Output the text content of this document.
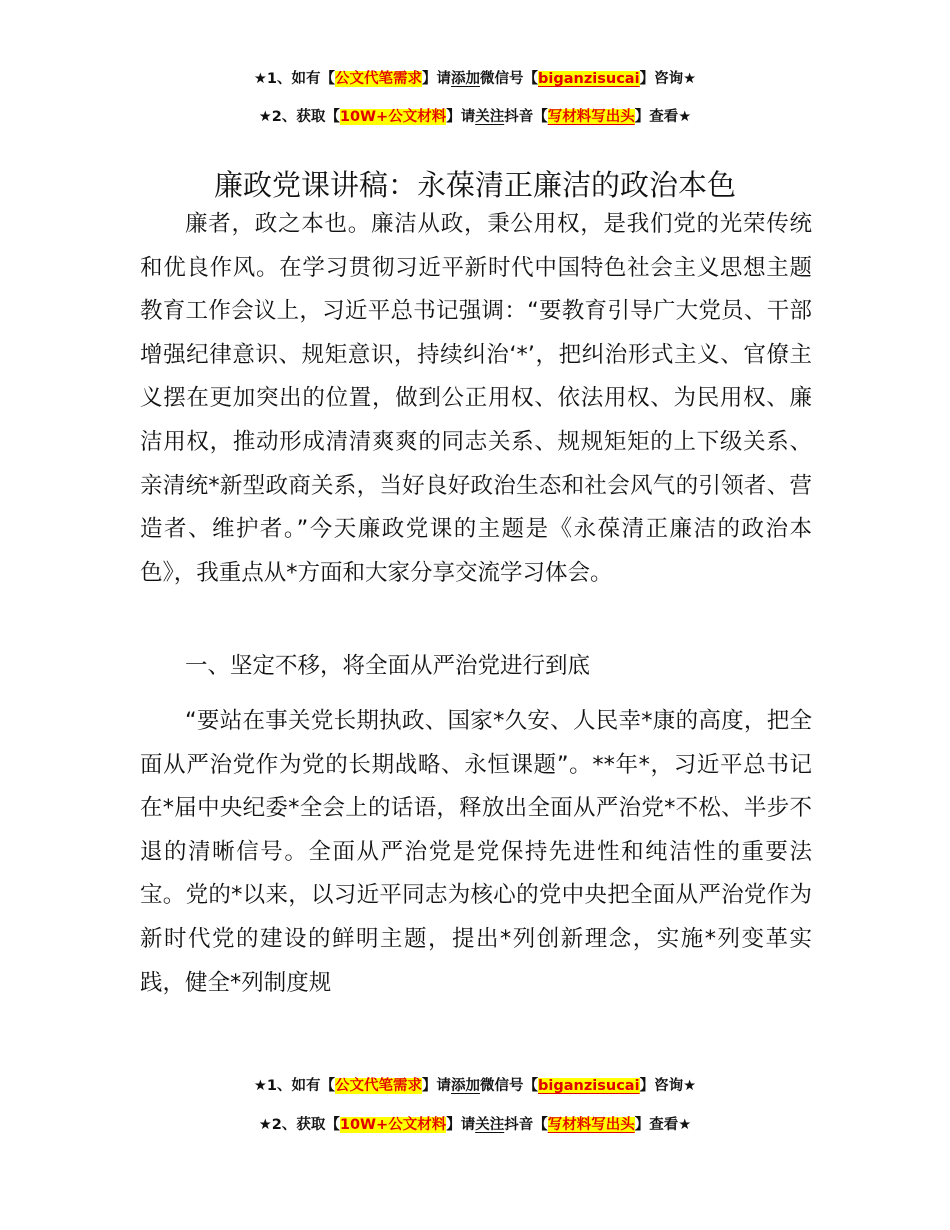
★1、如有【公文代笔需求】请添加微信号【biganzisucai】咨询★
★2、获取【10W+公文材料】请关注抖音【写材料写出头】查看★
廉政党课讲稿：永葆清正廉洁的政治本色

廉者，政之本也。廉洁从政，秉公用权，是我们党的光荣传统和优良作风。在学习贯彻习近平新时代中国特色社会主义思想主题教育工作会议上，习近平总书记强调：“要教育引导广大党员、干部增强纪律意识、规矩意识，持续纠治‘*’，把纠治形式主义、官僚主义摆在更加突出的位置，做到公正用权、依法用权、为民用权、廉洁用权，推动形成清清爽爽的同志关系、规规矩矩的上下级关系、亲清统*新型政商关系，当好良好政治生态和社会风气的引领者、营造者、维护者。”今天廉政党课的主题是《永葆清正廉洁的政治本色》，我重点从*方面和大家分享交流学习体会。

一、坚定不移，将全面从严治党进行到底

“要站在事关党长期执政、国家*久安、人民幸*康的高度，把全面从严治党作为党的长期战略、永恒课题”。**年*，习近平总书记在*届中央纪委*全会上的话语，释放出全面从严治党*不松、半步不退的清晰信号。全面从严治党是党保持先进性和纯洁性的重要法宝。党的*以来，以习近平同志为核心的党中央把全面从严治党作为新时代党的建设的鲜明主题，提出*列创新理念，实施*列变革实践，健全*列制度规

★1、如有【公文代笔需求】请添加微信号【biganzisucai】咨询★
★2、获取【10W+公文材料】请关注抖音【写材料写出头】查看★
